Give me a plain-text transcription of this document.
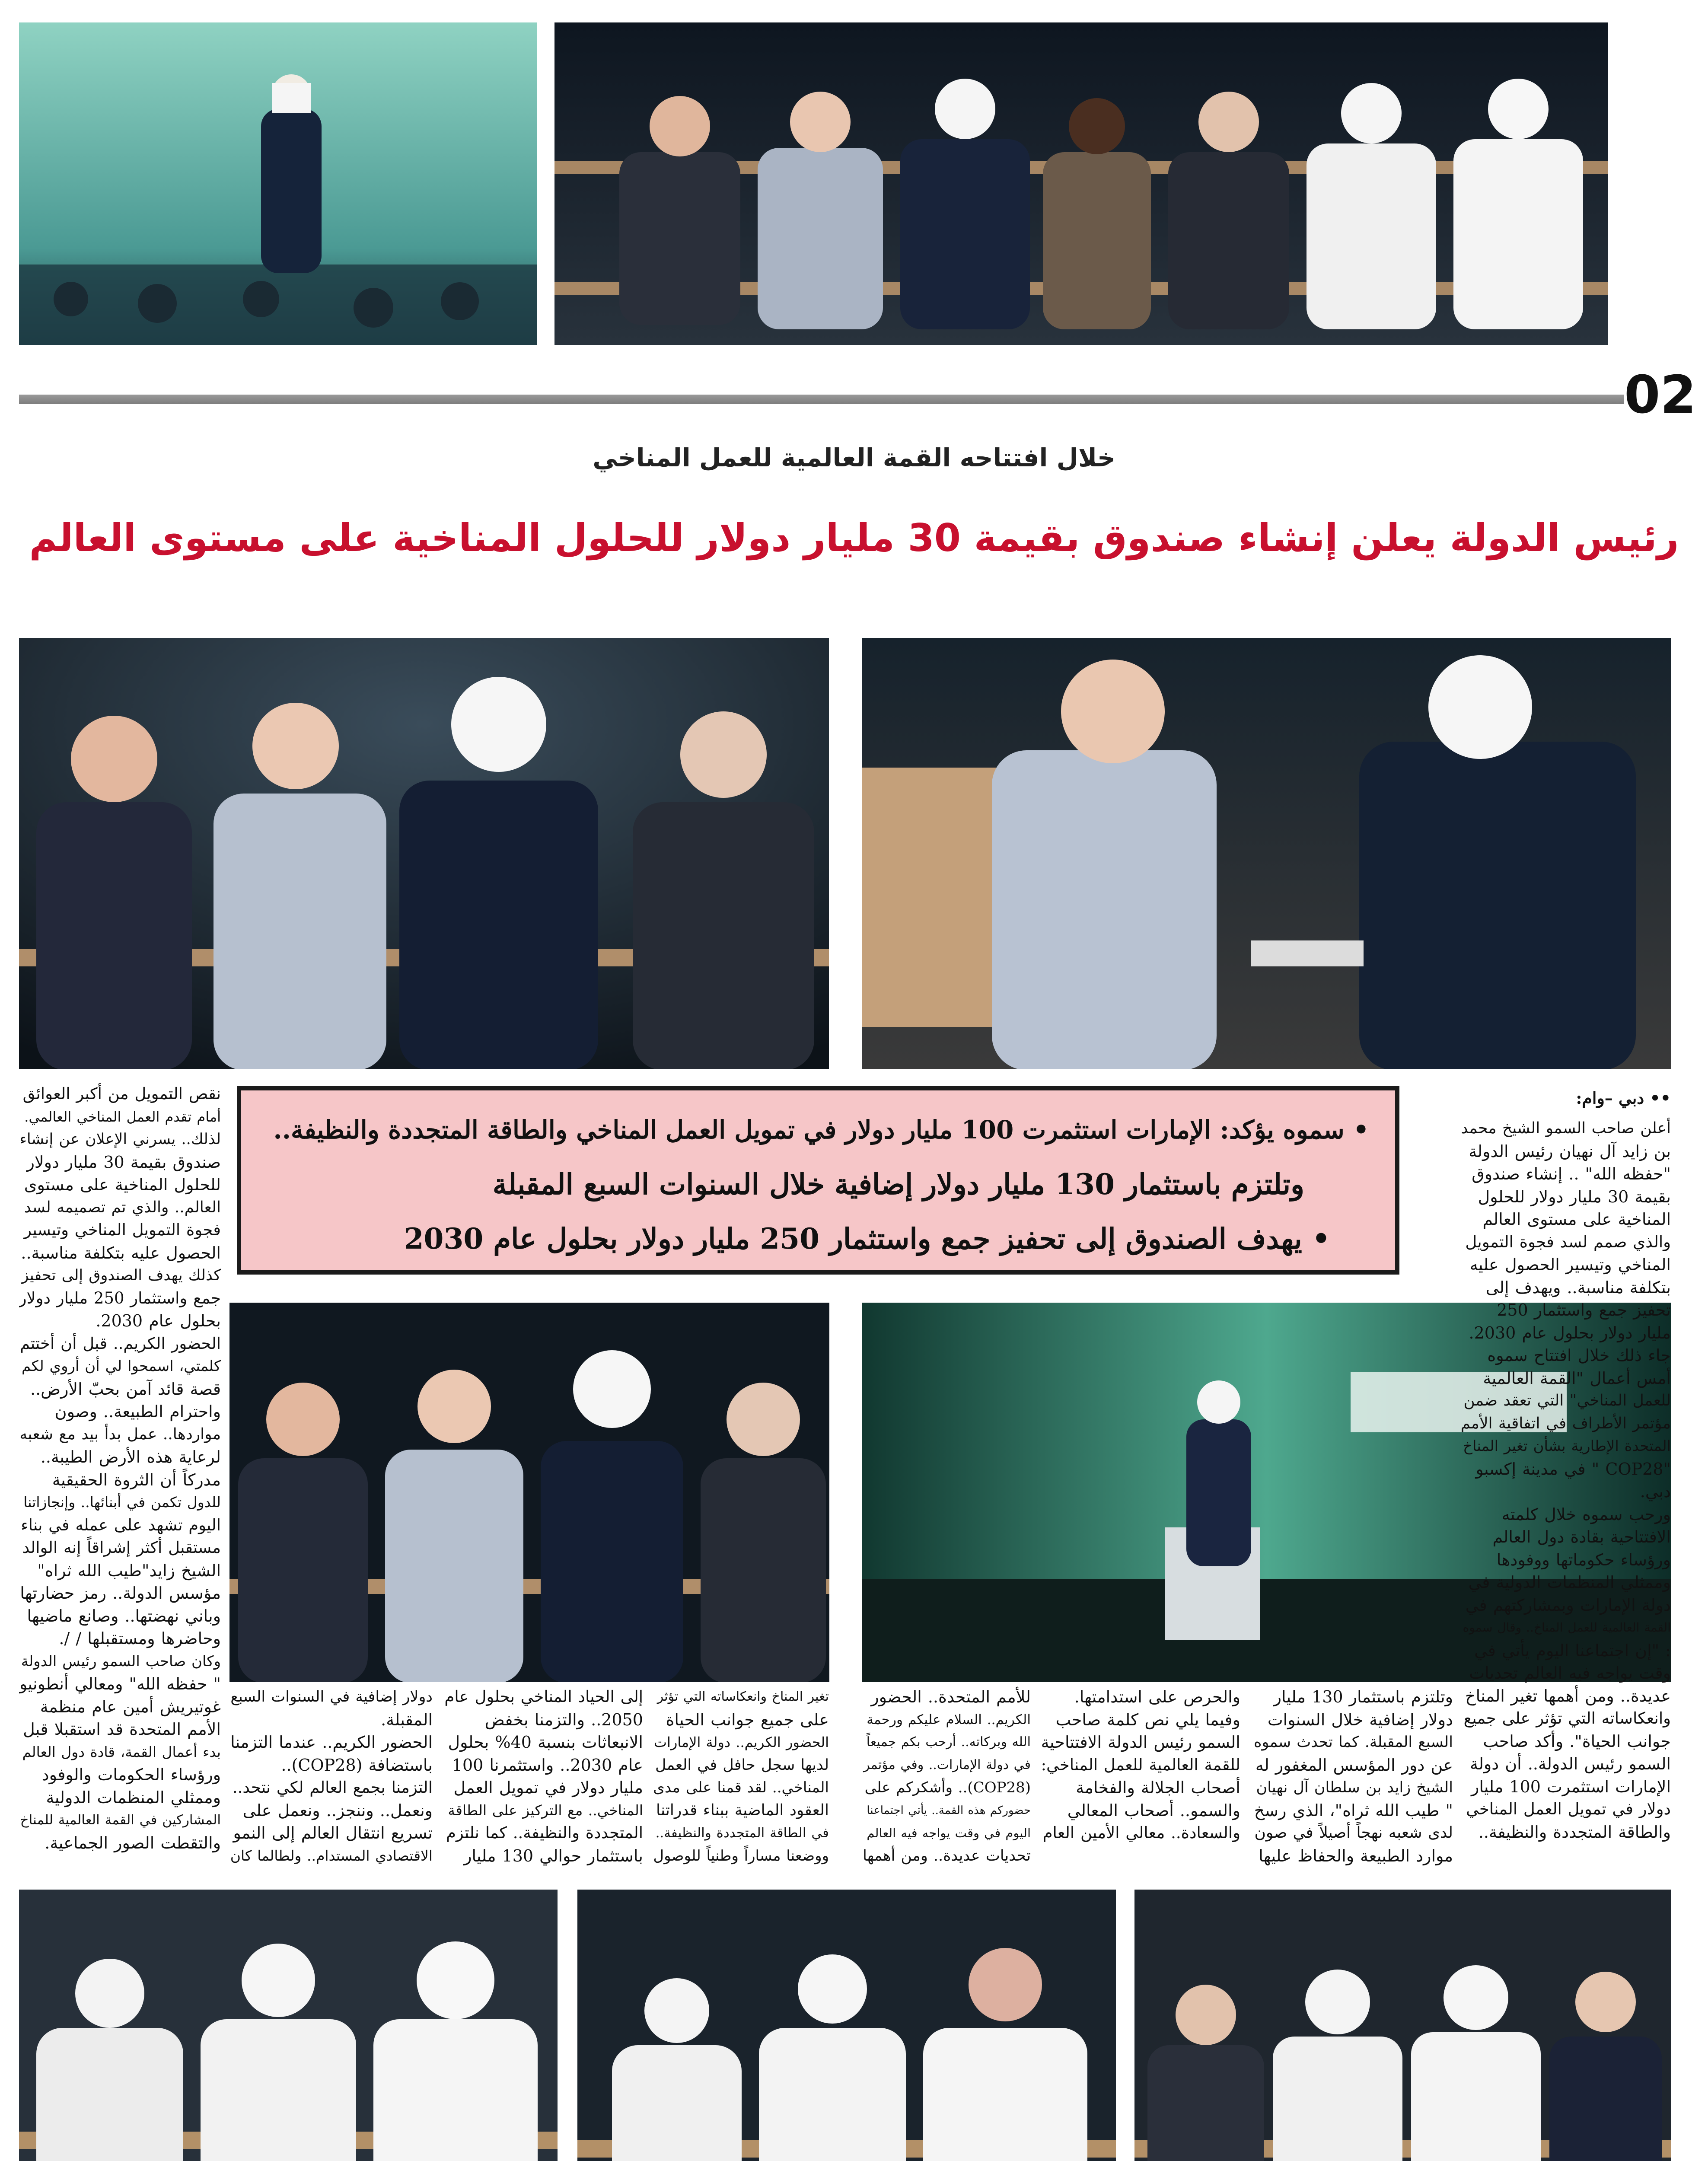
02
خلال افتتاحه القمة العالمية للعمل المناخي
رئيس الدولة يعلن إنشاء صندوق بقيمة 30 مليار دولار للحلول المناخية على مستوى العالم
• سموه يؤكد: الإمارات استثمرت 100 مليار دولار في تمويل العمل المناخي والطاقة المتجددة والنظيفة..
وتلتزم باستثمار 130 مليار دولار إضافية خلال السنوات السبع المقبلة
• يهدف الصندوق إلى تحفيز جمع واستثمار 250 مليار دولار بحلول عام 2030
•• دبي –وام:
أعلن صاحب السمو الشيخ محمد
بن زايد آل نهيان رئيس الدولة
"حفظه الله" .. إنشاء صندوق
بقيمة 30 مليار دولار للحلول
المناخية على مستوى العالم
والذي صمم لسد فجوة التمويل
المناخي وتيسير الحصول عليه
بتكلفة مناسبة.. ويهدف إلى
تحفيز جمع واستثمار 250
مليار دولار بحلول عام 2030.
جاء ذلك خلال افتتاح سموه
أمس أعمال "القمة العالمية
للعمل المناخي" التي تعقد ضمن
مؤتمر الأطراف في اتفاقية الأمم
المتحدة الإطارية بشأن تغير المناخ
"COP28 " في مدينة إكسبو
دبي.
ورحب سموه خلال كلمته
الافتتاحية بقادة دول العالم
ورؤساء حكوماتها ووفودها
وممثلي المنظمات الدولية في
دولة الإمارات وبمشاركتهم في
القمة العالمية للعمل المناخ.. وقال سموه
: "إن اجتماعنا اليوم يأتي في
وقت يواجه فيه العالم تحديات
عديدة.. ومن أهمها تغير المناخ
وانعكاساته التي تؤثر على جميع
جوانب الحياة". وأكد صاحب
السمو رئيس الدولة.. أن دولة
الإمارات استثمرت 100 مليار
دولار في تمويل العمل المناخي
والطاقة المتجددة والنظيفة..
نقص التمويل من أكبر العوائق
أمام تقدم العمل المناخي العالمي.
لذلك.. يسرني الإعلان عن إنشاء
صندوق بقيمة 30 مليار دولار
للحلول المناخية على مستوى
العالم.. والذي تم تصميمه لسد
فجوة التمويل المناخي وتيسير
الحصول عليه بتكلفة مناسبة..
كذلك يهدف الصندوق إلى تحفيز
جمع واستثمار 250 مليار دولار
بحلول عام 2030.
الحضور الكريم.. قبل أن أختتم
كلمتي، اسمحوا لي أن أروي لكم
قصة قائد آمن بحبّ الأرض..
واحترام الطبيعة.. وصون
مواردها.. عمل بدأ بيد مع شعبه
لرعاية هذه الأرض الطيبة..
مدركاً أن الثروة الحقيقية
للدول تكمن في أبنائها.. وإنجازاتنا
اليوم تشهد على عمله في بناء
مستقبل أكثر إشراقاً إنه الوالد
الشيخ زايد"طيب الله ثراه"
مؤسس الدولة.. رمز حضارتها
وباني نهضتها.. وصانع ماضيها
وحاضرها ومستقبلها / /.
وكان صاحب السمو رئيس الدولة
" حفظه الله" ومعالي أنطونيو
غوتيريش أمين عام منظمة
الأمم المتحدة قد استقبلا قبل
بدء أعمال القمة، قادة دول العالم
ورؤساء الحكومات والوفود
وممثلي المنظمات الدولية
المشاركين في القمة العالمية للمناخ
والتقطت الصور الجماعية.
وتلتزم باستثمار 130 مليار
دولار إضافية خلال السنوات
السبع المقبلة. كما تحدث سموه
عن دور المؤسس المغفور له
الشيخ زايد بن سلطان آل نهيان
" طيب الله ثراه"، الذي رسخ
لدى شعبه نهجاً أصيلاً في صون
موارد الطبيعة والحفاظ عليها
والحرص على استدامتها.
وفيما يلي نص كلمة صاحب
السمو رئيس الدولة الافتتاحية
للقمة العالمية للعمل المناخي:
أصحاب الجلالة والفخامة
والسمو.. أصحاب المعالي
والسعادة.. معالي الأمين العام
للأمم المتحدة.. الحضور
الكريم.. السلام عليكم ورحمة
الله وبركاته.. أرحب بكم جميعاً
في دولة الإمارات.. وفي مؤتمر
(COP28).. وأشكركم على
حضوركم هذه القمة.. يأتي اجتماعنا
اليوم في وقت يواجه فيه العالم
تحديات عديدة.. ومن أهمها
تغير المناخ وانعكاساته التي تؤثر
على جميع جوانب الحياة
الحضور الكريم.. دولة الإمارات
لديها سجل حافل في العمل
المناخي.. لقد قمنا على مدى
العقود الماضية ببناء قدراتنا
في الطاقة المتجددة والنظيفة..
ووضعنا مساراً وطنياً للوصول
إلى الحياد المناخي بحلول عام
2050.. والتزمنا بخفض
الانبعاثات بنسبة 40% بحلول
عام 2030.. واستثمرنا 100
مليار دولار في تمويل العمل
المناخي.. مع التركيز على الطاقة
المتجددة والنظيفة.. كما نلتزم
باستثمار حوالي 130 مليار
دولار إضافية في السنوات السبع
المقبلة.
الحضور الكريم.. عندما التزمنا
باستضافة (COP28)..
التزمنا بجمع العالم لكي نتحد..
ونعمل.. وننجز.. ونعمل على
تسريع انتقال العالم إلى النمو
الاقتصادي المستدام.. ولطالما كان
